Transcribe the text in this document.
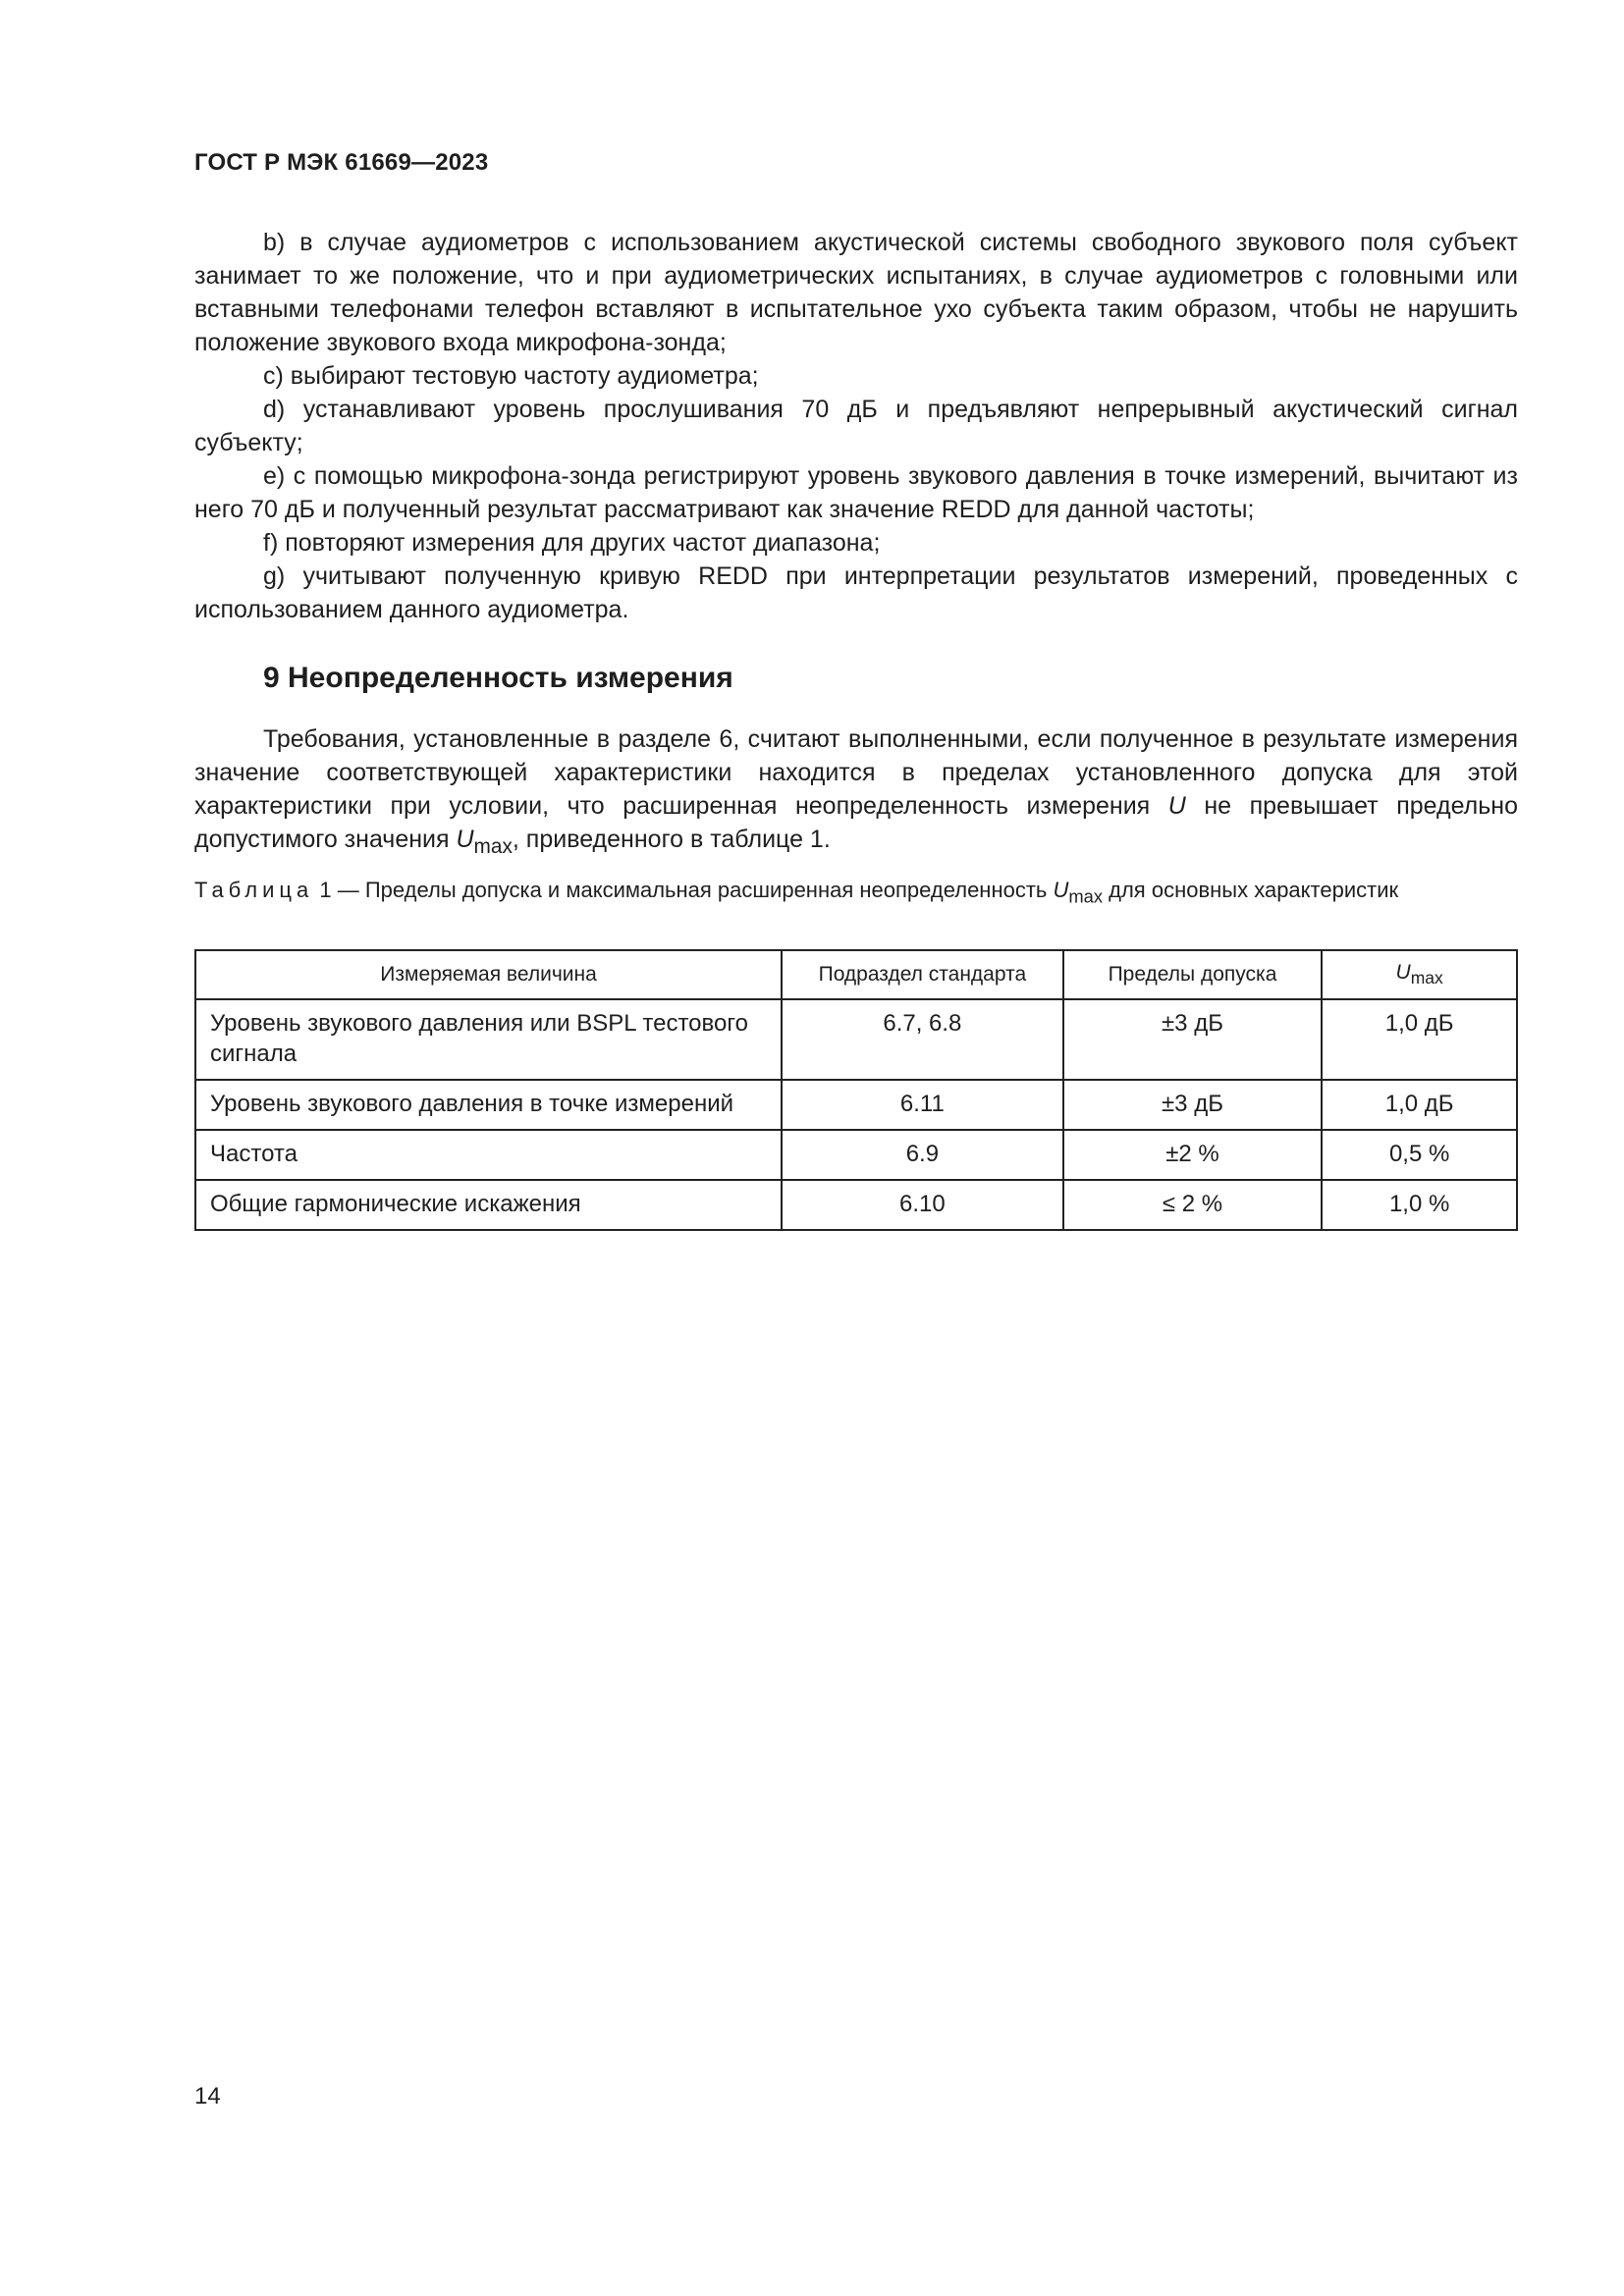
ГОСТ Р МЭК 61669—2023

b) в случае аудиометров с использованием акустической системы свободного звукового поля субъект занимает то же положение, что и при аудиометрических испытаниях, в случае аудиометров с головными или вставными телефонами телефон вставляют в испытательное ухо субъекта таким образом, чтобы не нарушить положение звукового входа микрофона-зонда;

c) выбирают тестовую частоту аудиометра;

d) устанавливают уровень прослушивания 70 дБ и предъявляют непрерывный акустический сигнал субъекту;

e) с помощью микрофона-зонда регистрируют уровень звукового давления в точке измерений, вычитают из него 70 дБ и полученный результат рассматривают как значение REDD для данной частоты;

f) повторяют измерения для других частот диапазона;

g) учитывают полученную кривую REDD при интерпретации результатов измерений, проведенных с использованием данного аудиометра.

9 Неопределенность измерения

Требования, установленные в разделе 6, считают выполненными, если полученное в результате измерения значение соответствующей характеристики находится в пределах установленного допуска для этой характеристики при условии, что расширенная неопределенность измерения U не превышает предельно допустимого значения $U_{max}$, приведенного в таблице 1.

Таблица 1 — Пределы допуска и максимальная расширенная неопределенность $U_{max}$ для основных характеристик

Измеряемая величина	Подраздел стандарта	Пределы допуска	$U_{max}$
Уровень звукового давления или BSPL тестового сигнала	6.7, 6.8	±3 дБ	1,0 дБ
Уровень звукового давления в точке измерений	6.11	±3 дБ	1,0 дБ
Частота	6.9	±2 %	0,5 %
Общие гармонические искажения	6.10	≤ 2 %	1,0 %
14
